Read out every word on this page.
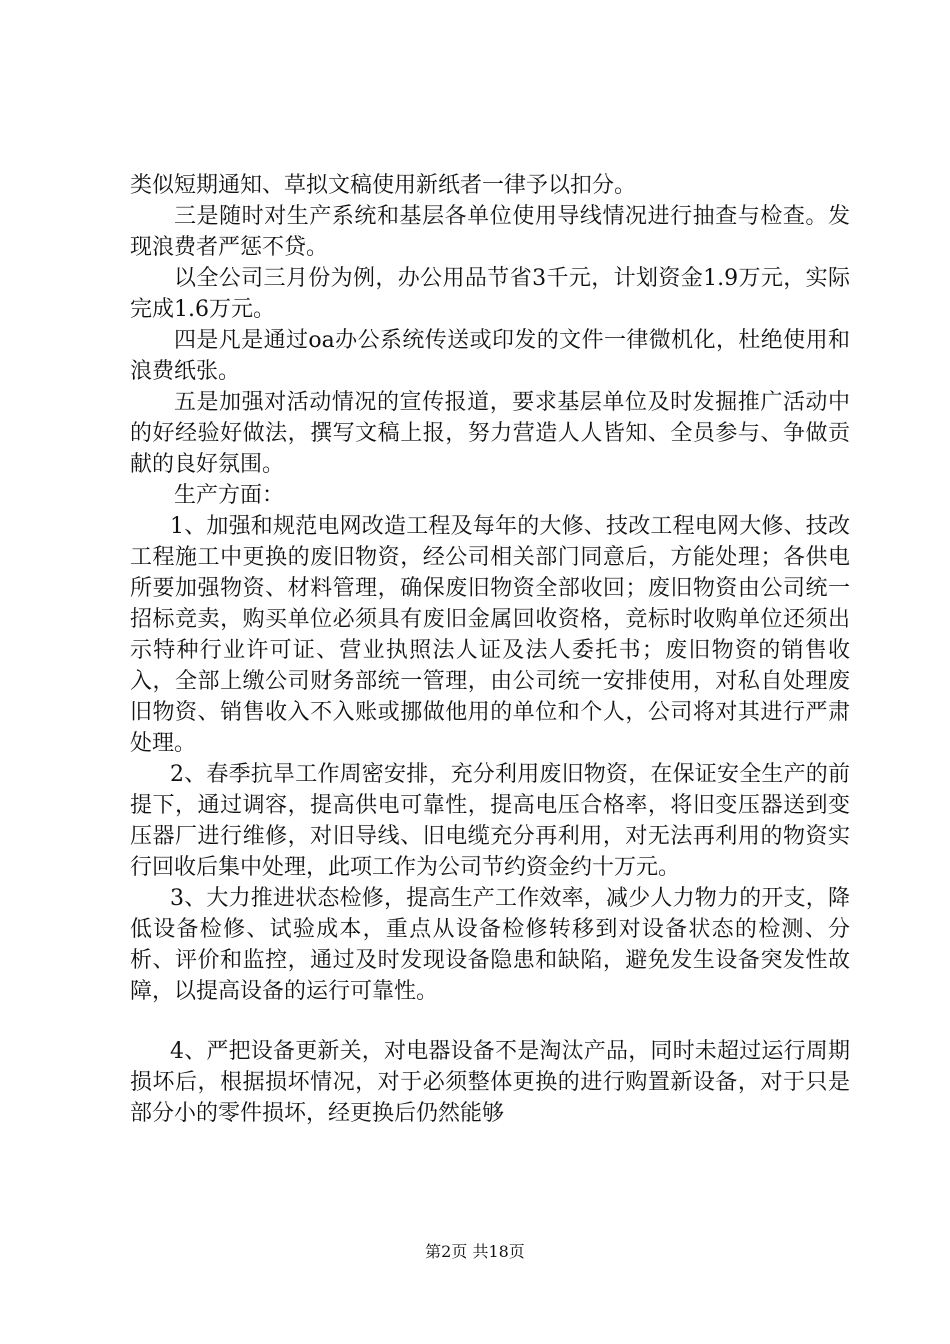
类似短期通知、草拟文稿使用新纸者一律予以扣分。

三是随时对生产系统和基层各单位使用导线情况进行抽查与检查。发现浪费者严惩不贷。

以全公司三月份为例，办公用品节省3千元，计划资金1.9万元，实际完成1.6万元。

四是凡是通过oa办公系统传送或印发的文件一律微机化，杜绝使用和浪费纸张。

五是加强对活动情况的宣传报道，要求基层单位及时发掘推广活动中的好经验好做法，撰写文稿上报，努力营造人人皆知、全员参与、争做贡献的良好氛围。

生产方面：

1、加强和规范电网改造工程及每年的大修、技改工程电网大修、技改工程施工中更换的废旧物资，经公司相关部门同意后，方能处理；各供电所要加强物资、材料管理，确保废旧物资全部收回；废旧物资由公司统一招标竞卖，购买单位必须具有废旧金属回收资格，竞标时收购单位还须出示特种行业许可证、营业执照法人证及法人委托书；废旧物资的销售收入，全部上缴公司财务部统一管理，由公司统一安排使用，对私自处理废旧物资、销售收入不入账或挪做他用的单位和个人，公司将对其进行严肃处理。

2、春季抗旱工作周密安排，充分利用废旧物资，在保证安全生产的前提下，通过调容，提高供电可靠性，提高电压合格率，将旧变压器送到变压器厂进行维修，对旧导线、旧电缆充分再利用，对无法再利用的物资实行回收后集中处理，此项工作为公司节约资金约十万元。

3、大力推进状态检修，提高生产工作效率，减少人力物力的开支，降低设备检修、试验成本，重点从设备检修转移到对设备状态的检测、分析、评价和监控，通过及时发现设备隐患和缺陷，避免发生设备突发性故障，以提高设备的运行可靠性。

4、严把设备更新关，对电器设备不是淘汰产品，同时未超过运行周期损坏后，根据损坏情况，对于必须整体更换的进行购置新设备，对于只是部分小的零件损坏，经更换后仍然能够

第2页 共18页
